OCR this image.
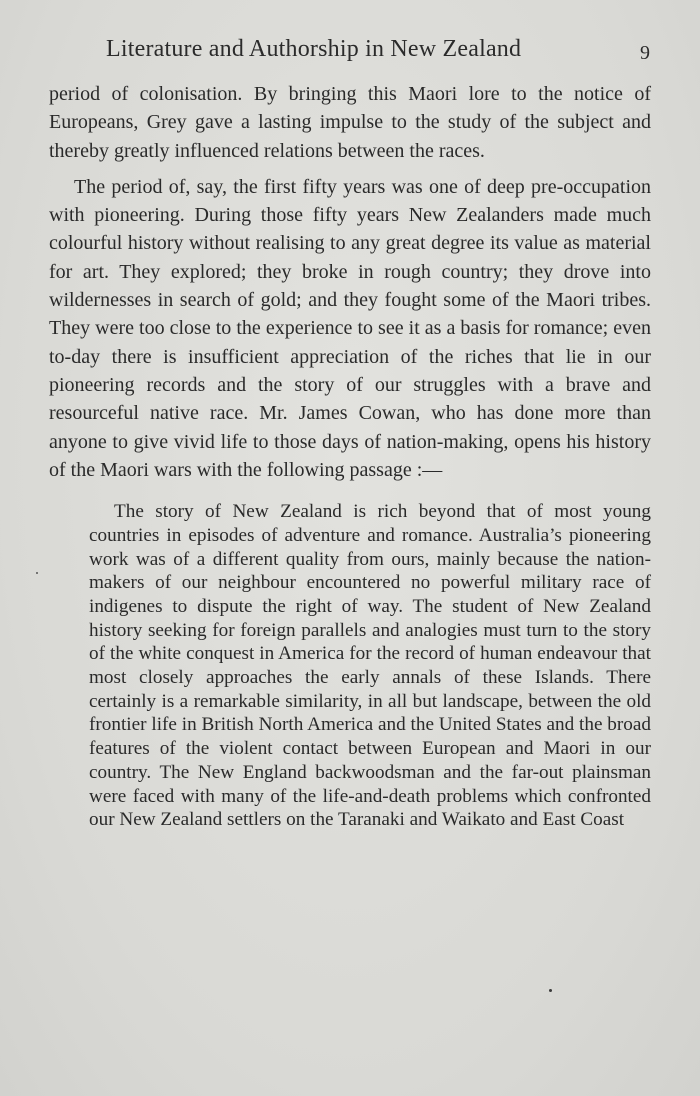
Literature and Authorship in New Zealand	9

period of colonisation. By bringing this Maori lore to the notice of Europeans, Grey gave a lasting impulse to the study of the subject and thereby greatly influenced relations between the races.

The period of, say, the first fifty years was one of deep pre-occupation with pioneering. During those fifty years New Zealanders made much colourful history without realising to any great degree its value as material for art. They explored; they broke in rough country; they drove into wildernesses in search of gold; and they fought some of the Maori tribes. They were too close to the experience to see it as a basis for romance; even to-day there is insufficient appreciation of the riches that lie in our pioneering records and the story of our struggles with a brave and resourceful native race. Mr. James Cowan, who has done more than anyone to give vivid life to those days of nation-making, opens his history of the Maori wars with the following passage :—

The story of New Zealand is rich beyond that of most young countries in episodes of adventure and romance. Australia’s pioneering work was of a different quality from ours, mainly because the nation-makers of our neighbour encountered no powerful military race of indigenes to dispute the right of way. The student of New Zealand history seeking for foreign parallels and analogies must turn to the story of the white conquest in America for the record of human endeavour that most closely approaches the early annals of these Islands. There certainly is a remarkable similarity, in all but landscape, between the old frontier life in British North America and the United States and the broad features of the violent contact between European and Maori in our country. The New England backwoodsman and the far-out plainsman were faced with many of the life-and-death problems which confronted our New Zealand settlers on the Taranaki and Waikato and East Coast
